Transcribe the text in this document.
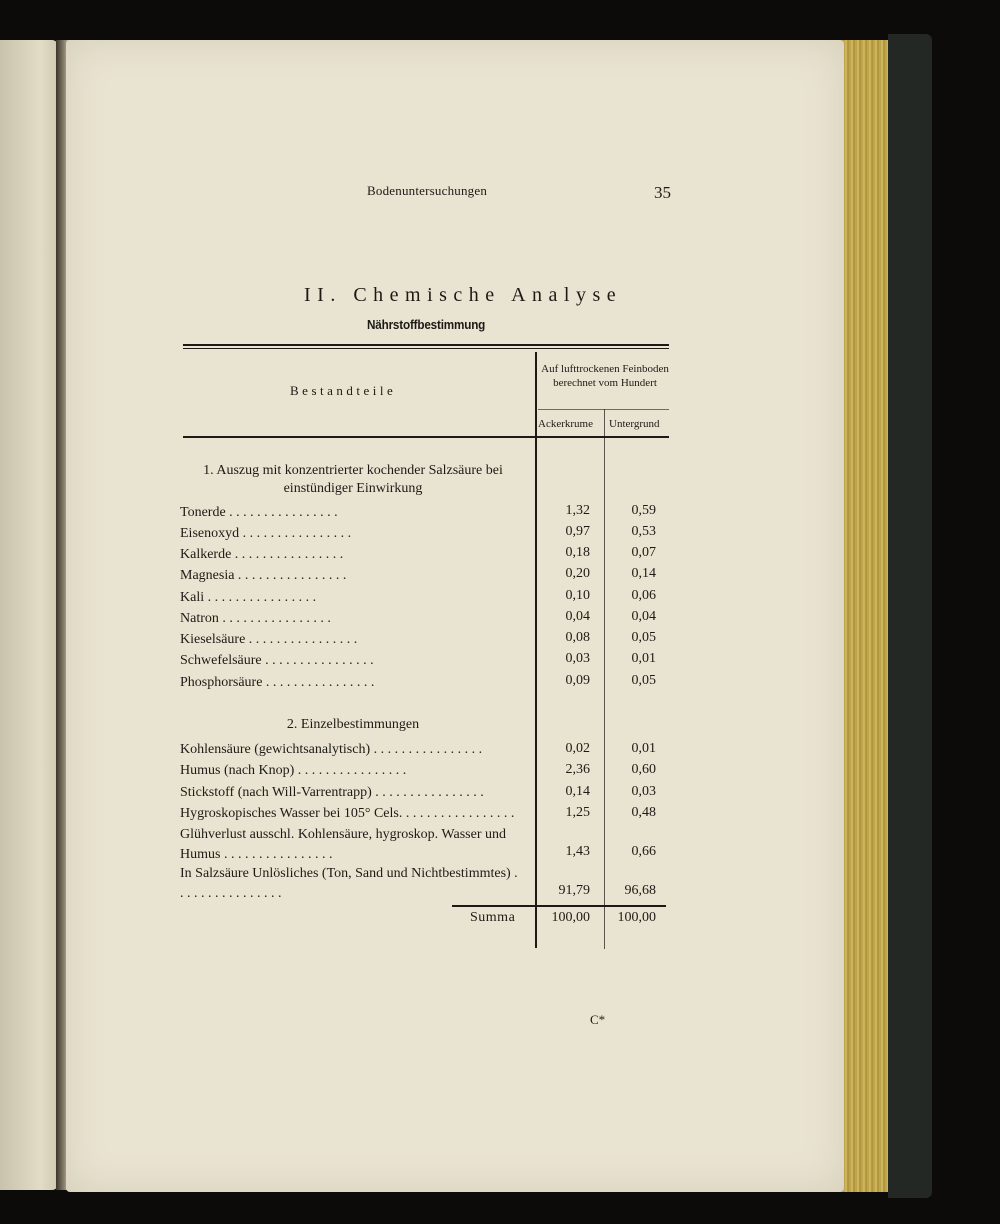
Bodenuntersuchungen	35
II. Chemische Analyse
Nährstoffbestimmung
Bestandteile
Auf lufttrockenen Feinboden berechnet vom Hundert
Ackerkrume Untergrund
1. Auszug mit konzentrierter kochender Salzsäure bei einstündiger Einwirkung
Tonerde . . . . . . . . . . . . . . . .	1,32	0,59
Eisenoxyd . . . . . . . . . . . . . . . .	0,97	0,53
Kalkerde . . . . . . . . . . . . . . . .	0,18	0,07
Magnesia . . . . . . . . . . . . . . . .	0,20	0,14
Kali . . . . . . . . . . . . . . . .	0,10	0,06
Natron . . . . . . . . . . . . . . . .	0,04	0,04
Kieselsäure . . . . . . . . . . . . . . . .	0,08	0,05
Schwefelsäure . . . . . . . . . . . . . . . .	0,03	0,01
Phosphorsäure . . . . . . . . . . . . . . . .	0,09	0,05
2. Einzelbestimmungen
Kohlensäure (gewichtsanalytisch) . . . . . . . . . . . . . . . .	0,02	0,01
Humus (nach Knop) . . . . . . . . . . . . . . . .	2,36	0,60
Stickstoff (nach Will-Varrentrapp) . . . . . . . . . . . . . . . .	0,14	0,03
Hygroskopisches Wasser bei 105° Cels. . . . . . . . . . . . . . . . .	1,25	0,48
Glühverlust ausschl. Kohlensäure, hygroskop. Wasser und Humus . . . . . . . . . . . . . . . .	1,43	0,66
In Salzsäure Unlösliches (Ton, Sand und Nichtbestimmtes) . . . . . . . . . . . . . . . .	91,79	96,68
Summa	100,00	100,00
C*
